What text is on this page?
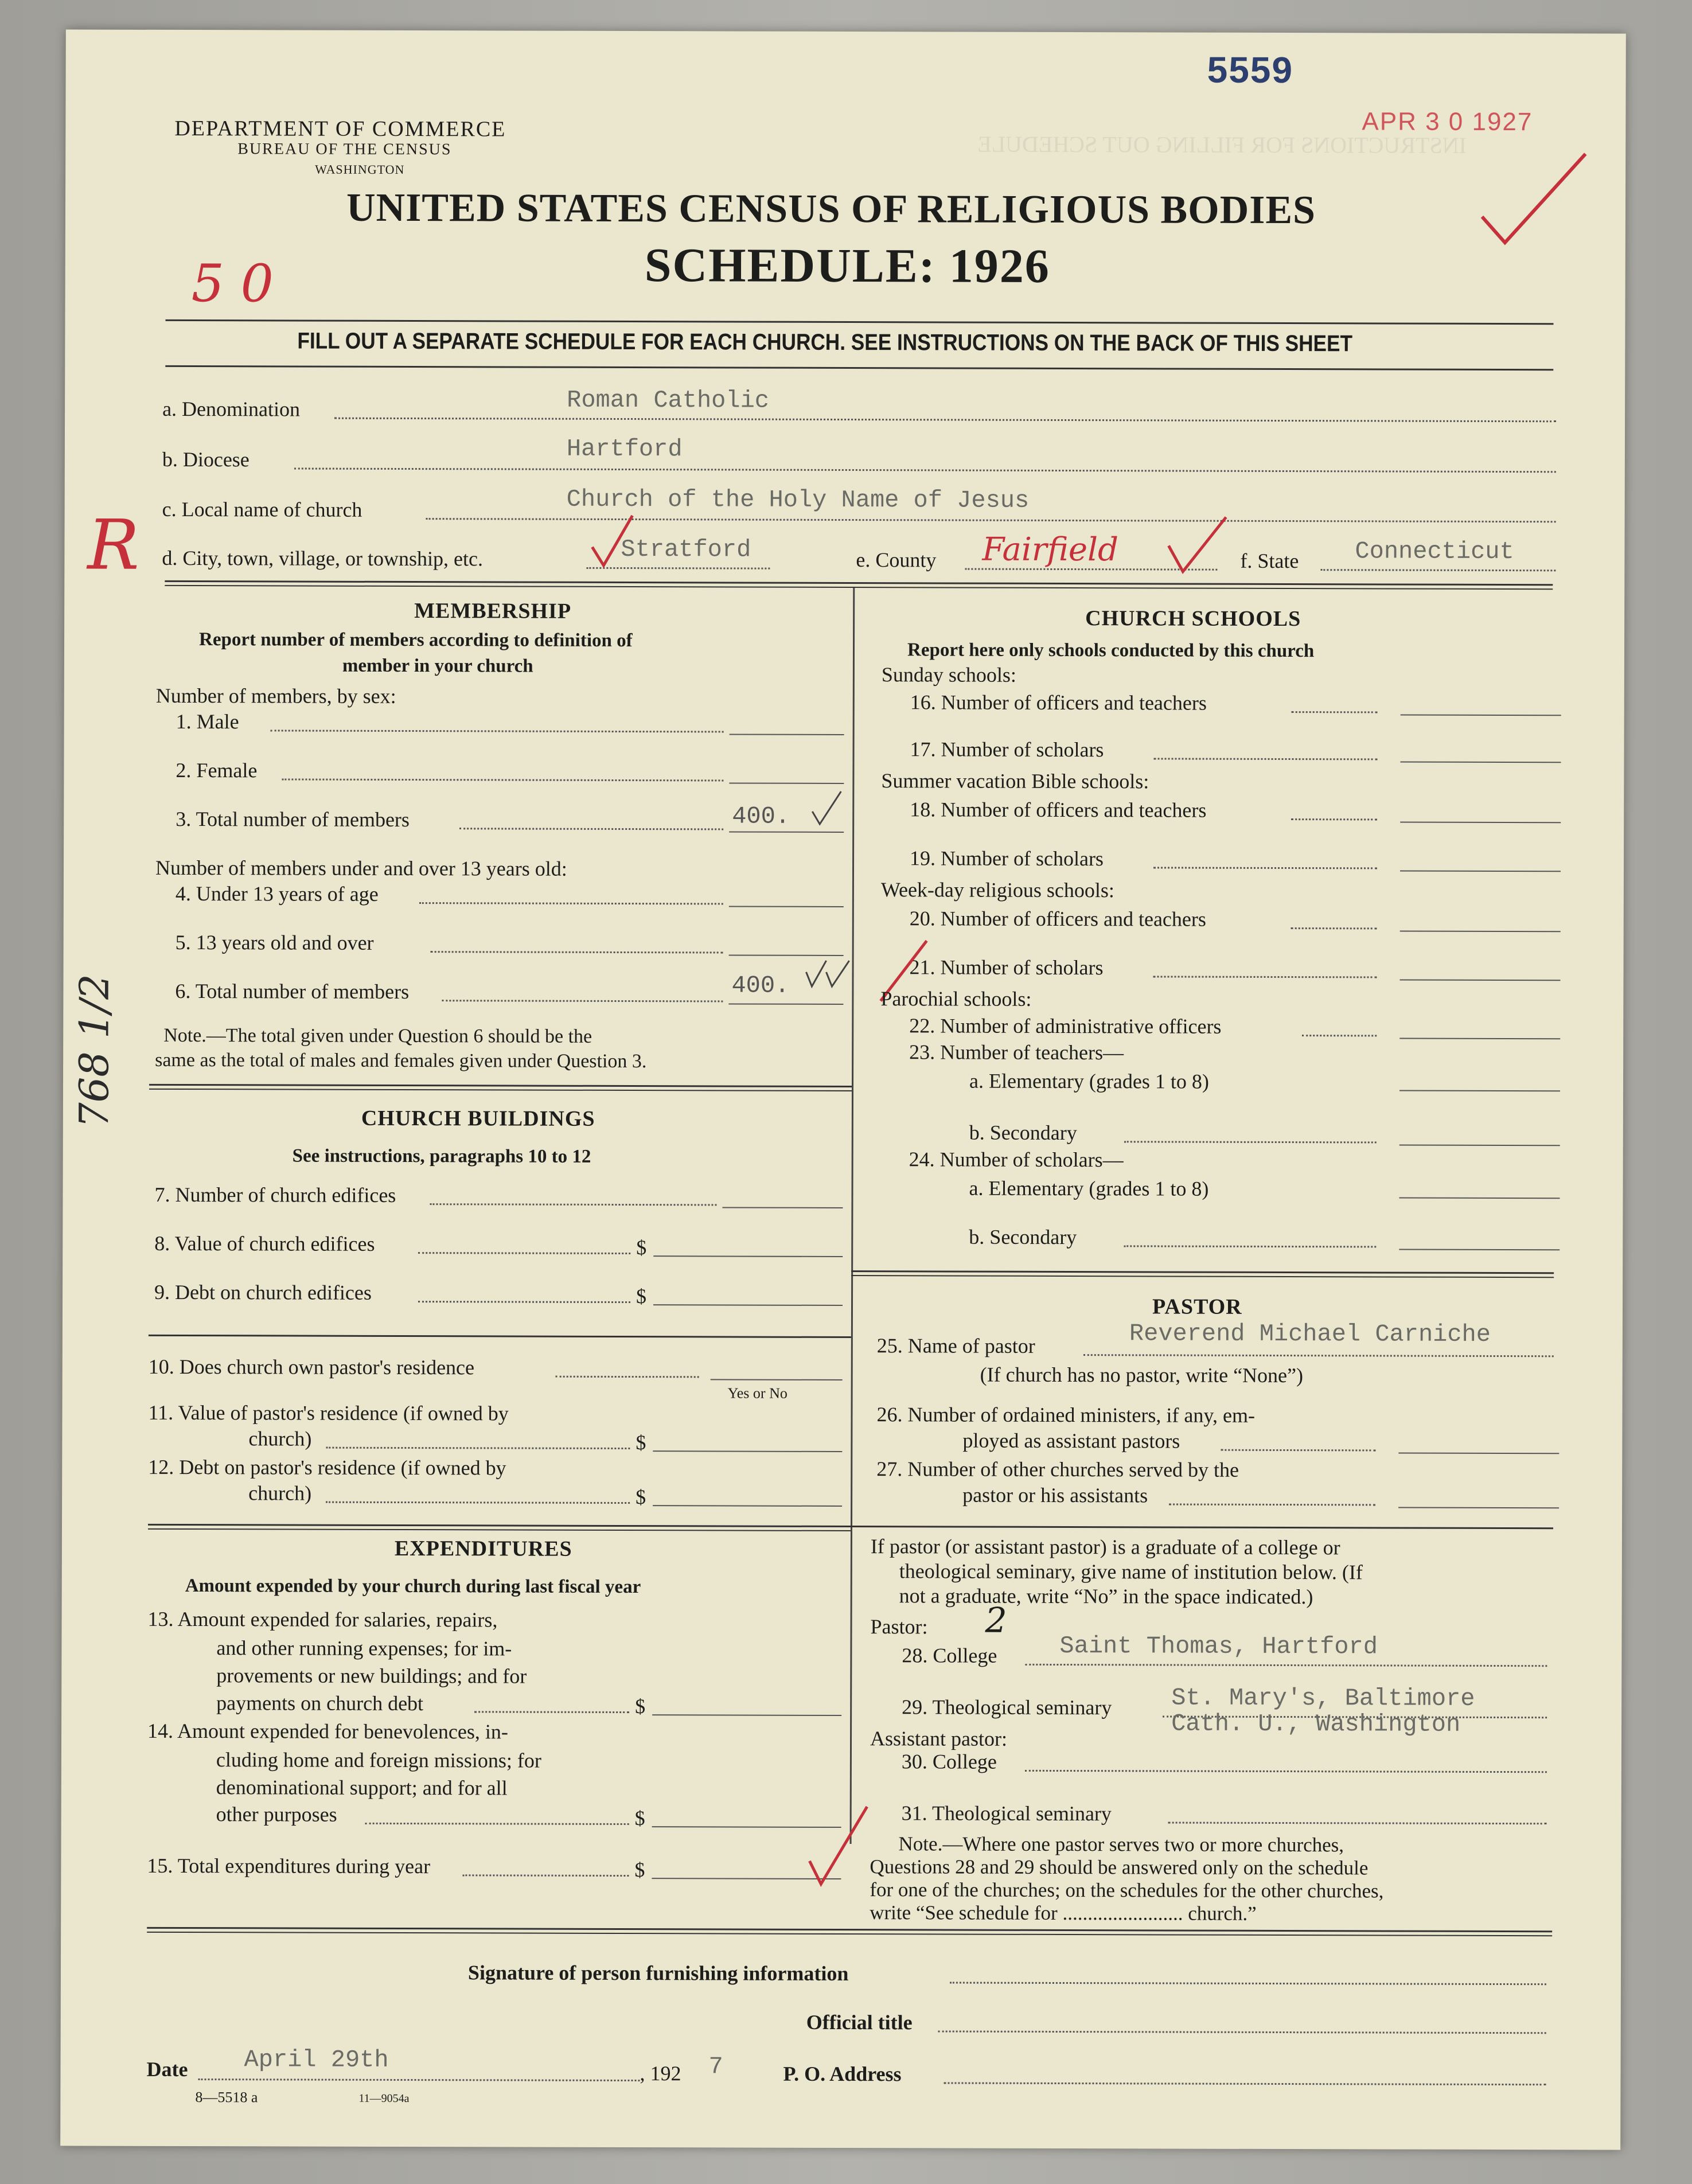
INSTRUCTIONS FOR FILLING OUT SCHEDULE
5559
APR 3 0 1927
DEPARTMENT OF COMMERCE
BUREAU OF THE CENSUS
WASHINGTON
UNITED STATES CENSUS OF RELIGIOUS BODIES
SCHEDULE: 1926
5 0
FILL OUT A SEPARATE SCHEDULE FOR EACH CHURCH. SEE INSTRUCTIONS ON THE BACK OF THIS SHEET
a. Denomination	Roman Catholic
b. Diocese	Hartford
c. Local name of church	Church of the Holy Name of Jesus
R d. City, town, village, or township, etc.	Stratford	e. County Fairfield	f. State Connecticut
768 1/2
MEMBERSHIP
Report number of members according to definition of
member in your church
Number of members, by sex:
1. Male
2. Female
3. Total number of members	400.
Number of members under and over 13 years old:
4. Under 13 years of age
5. 13 years old and over
6. Total number of members	400.
Note.—The total given under Question 6 should be the
same as the total of males and females given under Question 3.
CHURCH BUILDINGS
See instructions, paragraphs 10 to 12
7. Number of church edifices
8. Value of church edifices	$
9. Debt on church edifices	$
10. Does church own pastor's residence
Yes or No
11. Value of pastor's residence (if owned by
church)	$
12. Debt on pastor's residence (if owned by
church)	$
EXPENDITURES
Amount expended by your church during last fiscal year
13. Amount expended for salaries, repairs,
and other running expenses; for im-
provements or new buildings; and for
payments on church debt	$
14. Amount expended for benevolences, in-
cluding home and foreign missions; for
denominational support; and for all
other purposes	$
15. Total expenditures during year	$
CHURCH SCHOOLS
Report here only schools conducted by this church
Sunday schools:
16. Number of officers and teachers
17. Number of scholars
Summer vacation Bible schools:
18. Number of officers and teachers
19. Number of scholars
Week-day religious schools:
20. Number of officers and teachers
21. Number of scholars
Parochial schools:
22. Number of administrative officers
23. Number of teachers—
a. Elementary (grades 1 to 8)
b. Secondary
24. Number of scholars—
a. Elementary (grades 1 to 8)
b. Secondary
PASTOR
25. Name of pastor	Reverend Michael Carniche
(If church has no pastor, write “None”)
26. Number of ordained ministers, if any, em-
ployed as assistant pastors
27. Number of other churches served by the
pastor or his assistants
If pastor (or assistant pastor) is a graduate of a college or
theological seminary, give name of institution below. (If
not a graduate, write “No” in the space indicated.)
Pastor: 2
28. College	Saint Thomas, Hartford
29. Theological seminary St. Mary's, Baltimore
Cath. U., Washington
Assistant pastor:
30. College
31. Theological seminary
Note.—Where one pastor serves two or more churches,
Questions 28 and 29 should be answered only on the schedule
for one of the churches; on the schedules for the other churches,
write “See schedule for ........................ church.”
Signature of person furnishing information
Official title
Date April 29th	, 192 7	P. O. Address
8—5518 a	11—9054a
